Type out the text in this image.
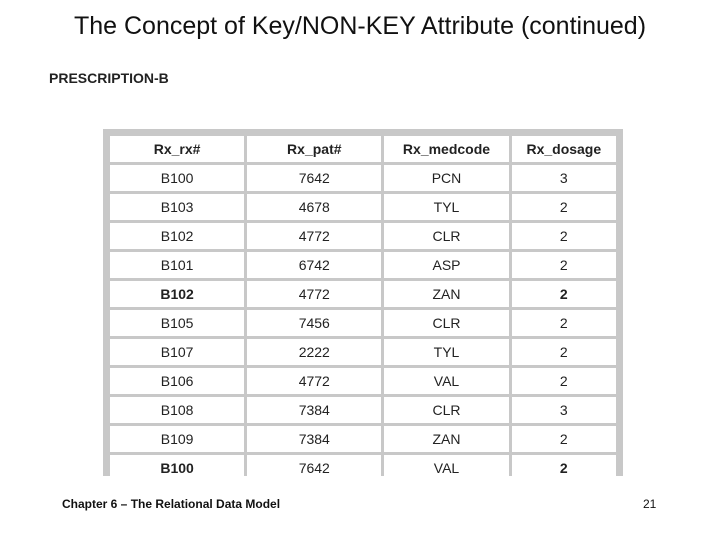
The Concept of Key/NON-KEY Attribute (continued)
PRESCRIPTION-B
Rx_rx#	Rx_pat#	Rx_medcode	Rx_dosage
B100	7642	PCN	3
B103	4678	TYL	2
B102	4772	CLR	2
B101	6742	ASP	2
B102	4772	ZAN	2
B105	7456	CLR	2
B107	2222	TYL	2
B106	4772	VAL	2
B108	7384	CLR	3
B109	7384	ZAN	2
B100	7642	VAL	2
Chapter 6 – The Relational Data Model	21
